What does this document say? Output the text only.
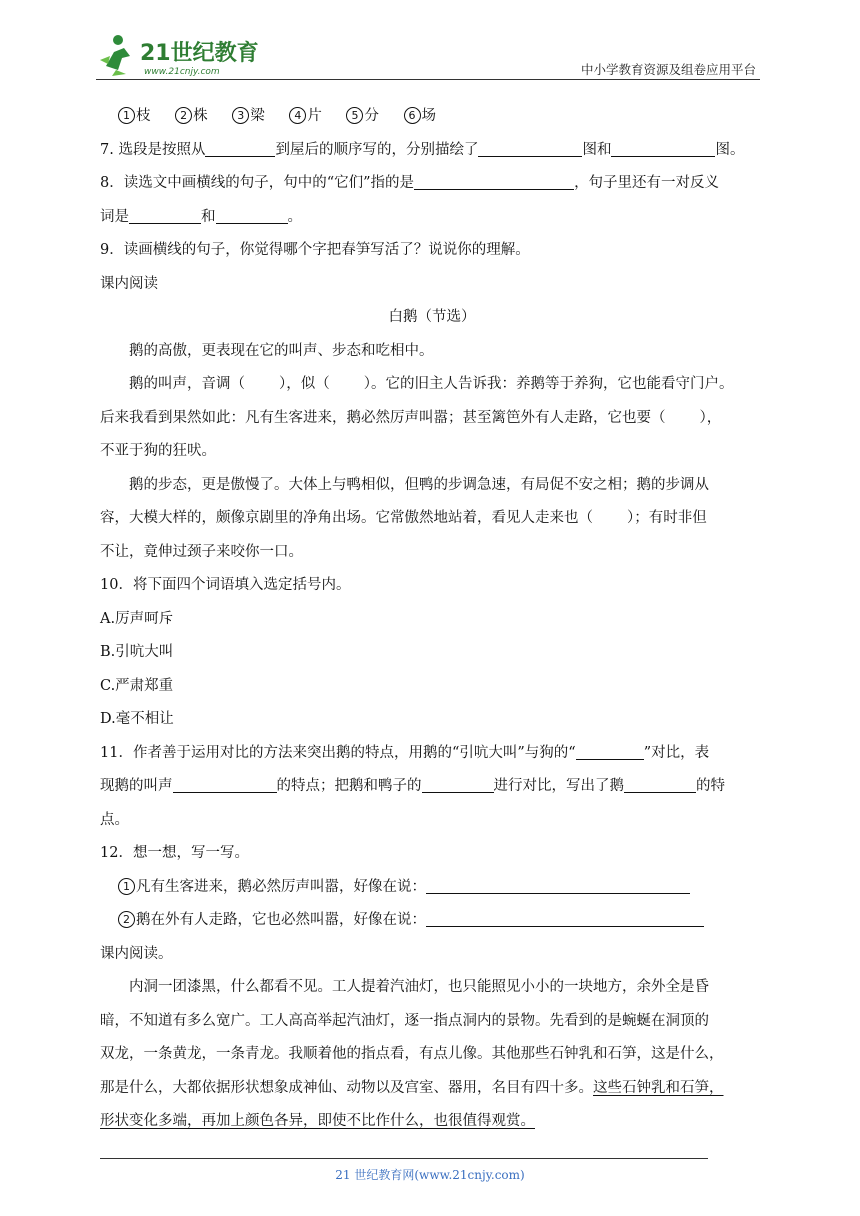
21世纪教育
www.21cnjy.com	中小学教育资源及组卷应用平台
1 枝	2 株	3 梁	4 片	5 分	6 场
7. 选段是按照从	到屋后的顺序写的，分别描绘了	图和	图。
8．读选文中画横线的句子，句中的“它们”指的是	，句子里还有一对反义
词是	和	。
9．读画横线的句子，你觉得哪个字把春笋写活了？说说你的理解。
课内阅读
白鹅（节选）
鹅的高傲，更表现在它的叫声、步态和吃相中。
鹅的叫声，音调（ ），似（ ）。它的旧主人告诉我：养鹅等于养狗，它也能看守门户。
后来我看到果然如此：凡有生客进来，鹅必然厉声叫嚣；甚至篱笆外有人走路，它也要（ ），
不亚于狗的狂吠。
鹅的步态，更是傲慢了。大体上与鸭相似，但鸭的步调急速，有局促不安之相；鹅的步调从
容，大模大样的，颇像京剧里的净角出场。它常傲然地站着，看见人走来也（ ）；有时非但
不让，竟伸过颈子来咬你一口。
10．将下面四个词语填入选定括号内。
A.厉声呵斥
B.引吭大叫
C.严肃郑重
D.毫不相让
11．作者善于运用对比的方法来突出鹅的特点，用鹅的“引吭大叫”与狗的“	”对比，表
现鹅的叫声	的特点；把鹅和鸭子的	进行对比，写出了鹅	的特
点。
12．想一想，写一写。
1 凡有生客进来，鹅必然厉声叫嚣，好像在说：
2 鹅在外有人走路，它也必然叫嚣，好像在说：
课内阅读。
内洞一团漆黑，什么都看不见。工人提着汽油灯，也只能照见小小的一块地方，余外全是昏
暗，不知道有多么宽广。工人高高举起汽油灯，逐一指点洞内的景物。先看到的是蜿蜒在洞顶的
双龙，一条黄龙，一条青龙。我顺着他的指点看，有点儿像。其他那些石钟乳和石笋，这是什么，
那是什么，大都依据形状想象成神仙、动物以及宫室、器用，名目有四十多。这些石钟乳和石笋，
形状变化多端，再加上颜色各异，即使不比作什么，也很值得观赏。
21 世纪教育网(www.21cnjy.com)
